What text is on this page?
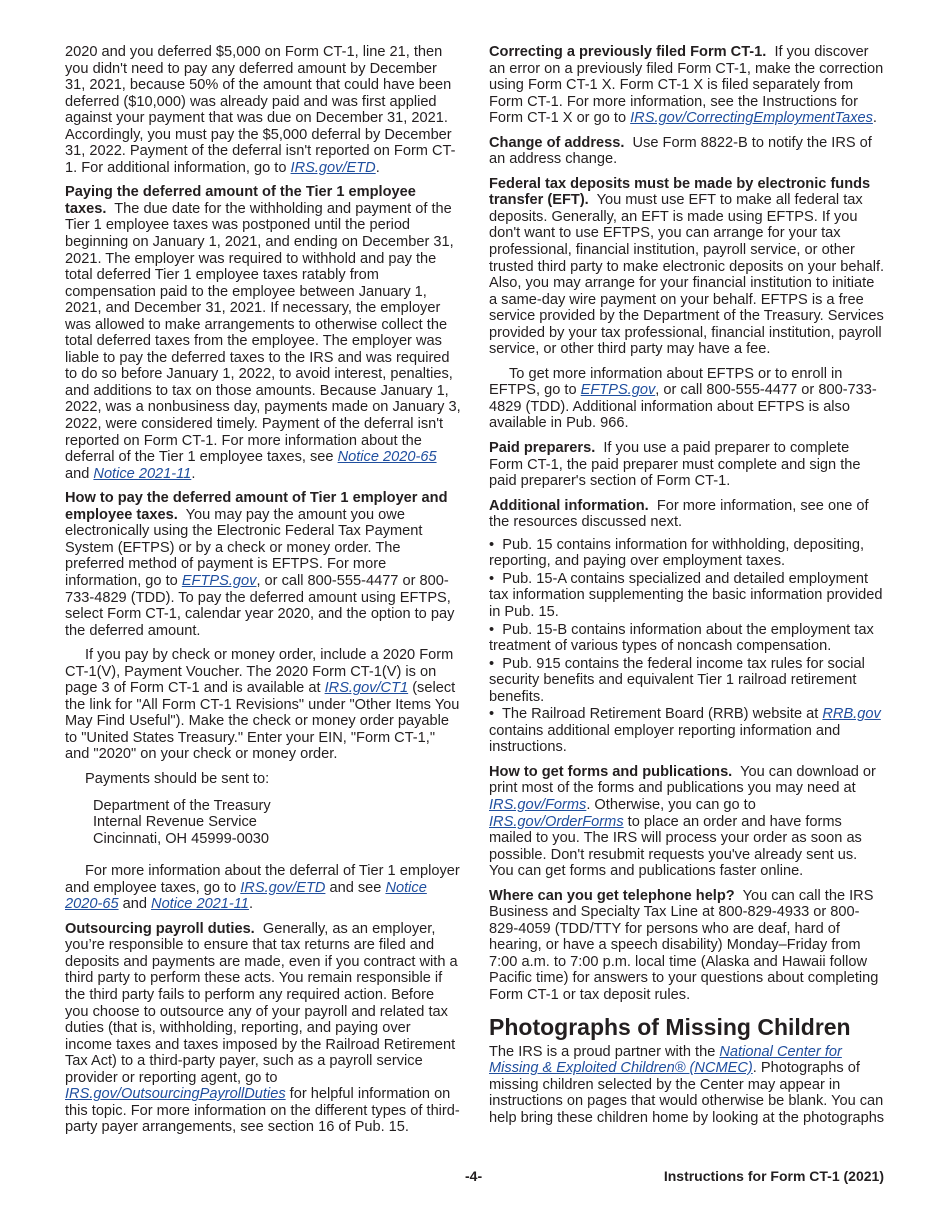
2020 and you deferred $5,000 on Form CT-1, line 21, then you didn't need to pay any deferred amount by December 31, 2021, because 50% of the amount that could have been deferred ($10,000) was already paid and was first applied against your payment that was due on December 31, 2021. Accordingly, you must pay the $5,000 deferral by December 31, 2022. Payment of the deferral isn't reported on Form CT-1. For additional information, go to IRS.gov/ETD.

Paying the deferred amount of the Tier 1 employee taxes. The due date for the withholding and payment of the Tier 1 employee taxes was postponed until the period beginning on January 1, 2021, and ending on December 31, 2021. The employer was required to withhold and pay the total deferred Tier 1 employee taxes ratably from compensation paid to the employee between January 1, 2021, and December 31, 2021. If necessary, the employer was allowed to make arrangements to otherwise collect the total deferred taxes from the employee. The employer was liable to pay the deferred taxes to the IRS and was required to do so before January 1, 2022, to avoid interest, penalties, and additions to tax on those amounts. Because January 1, 2022, was a nonbusiness day, payments made on January 3, 2022, were considered timely. Payment of the deferral isn't reported on Form CT-1. For more information about the deferral of the Tier 1 employee taxes, see Notice 2020-65 and Notice 2021-11.

How to pay the deferred amount of Tier 1 employer and employee taxes. You may pay the amount you owe electronically using the Electronic Federal Tax Payment System (EFTPS) or by a check or money order. The preferred method of payment is EFTPS. For more information, go to EFTPS.gov, or call 800-555-4477 or 800-733-4829 (TDD). To pay the deferred amount using EFTPS, select Form CT-1, calendar year 2020, and the option to pay the deferred amount.

If you pay by check or money order, include a 2020 Form CT-1(V), Payment Voucher. The 2020 Form CT-1(V) is on page 3 of Form CT-1 and is available at IRS.gov/CT1 (select the link for "All Form CT-1 Revisions" under "Other Items You May Find Useful"). Make the check or money order payable to "United States Treasury." Enter your EIN, "Form CT-1," and "2020" on your check or money order.

Payments should be sent to:

Department of the Treasury
Internal Revenue Service
Cincinnati, OH 45999-0030

For more information about the deferral of Tier 1 employer and employee taxes, go to IRS.gov/ETD and see Notice 2020-65 and Notice 2021-11.

Outsourcing payroll duties. Generally, as an employer, you’re responsible to ensure that tax returns are filed and deposits and payments are made, even if you contract with a third party to perform these acts. You remain responsible if the third party fails to perform any required action. Before you choose to outsource any of your payroll and related tax duties (that is, withholding, reporting, and paying over income taxes and taxes imposed by the Railroad Retirement Tax Act) to a third-party payer, such as a payroll service provider or reporting agent, go to IRS.gov/OutsourcingPayrollDuties for helpful information on this topic. For more information on the different types of third-party payer arrangements, see section 16 of Pub. 15.

Correcting a previously filed Form CT-1. If you discover an error on a previously filed Form CT-1, make the correction using Form CT-1 X. Form CT-1 X is filed separately from Form CT-1. For more information, see the Instructions for Form CT-1 X or go to IRS.gov/CorrectingEmploymentTaxes.

Change of address. Use Form 8822-B to notify the IRS of an address change.

Federal tax deposits must be made by electronic funds transfer (EFT). You must use EFT to make all federal tax deposits. Generally, an EFT is made using EFTPS. If you don't want to use EFTPS, you can arrange for your tax professional, financial institution, payroll service, or other trusted third party to make electronic deposits on your behalf. Also, you may arrange for your financial institution to initiate a same-day wire payment on your behalf. EFTPS is a free service provided by the Department of the Treasury. Services provided by your tax professional, financial institution, payroll service, or other third party may have a fee.

To get more information about EFTPS or to enroll in EFTPS, go to EFTPS.gov, or call 800-555-4477 or 800-733-4829 (TDD). Additional information about EFTPS is also available in Pub. 966.

Paid preparers. If you use a paid preparer to complete Form CT-1, the paid preparer must complete and sign the paid preparer's section of Form CT-1.

Additional information. For more information, see one of the resources discussed next.

• Pub. 15 contains information for withholding, depositing, reporting, and paying over employment taxes.
• Pub. 15-A contains specialized and detailed employment tax information supplementing the basic information provided in Pub. 15.
• Pub. 15-B contains information about the employment tax treatment of various types of noncash compensation.
• Pub. 915 contains the federal income tax rules for social security benefits and equivalent Tier 1 railroad retirement benefits.

• The Railroad Retirement Board (RRB) website at RRB.gov contains additional employer reporting information and instructions.

How to get forms and publications. You can download or print most of the forms and publications you may need at IRS.gov/Forms. Otherwise, you can go to IRS.gov/OrderForms to place an order and have forms mailed to you. The IRS will process your order as soon as possible. Don't resubmit requests you've already sent us. You can get forms and publications faster online.

Where can you get telephone help? You can call the IRS Business and Specialty Tax Line at 800-829-4933 or 800-829-4059 (TDD/TTY for persons who are deaf, hard of hearing, or have a speech disability) Monday–Friday from 7:00 a.m. to 7:00 p.m. local time (Alaska and Hawaii follow Pacific time) for answers to your questions about completing Form CT-1 or tax deposit rules.

Photographs of Missing Children

The IRS is a proud partner with the National Center for Missing & Exploited Children® (NCMEC). Photographs of missing children selected by the Center may appear in instructions on pages that would otherwise be blank. You can help bring these children home by looking at the photographs

-4-	Instructions for Form CT-1 (2021)
